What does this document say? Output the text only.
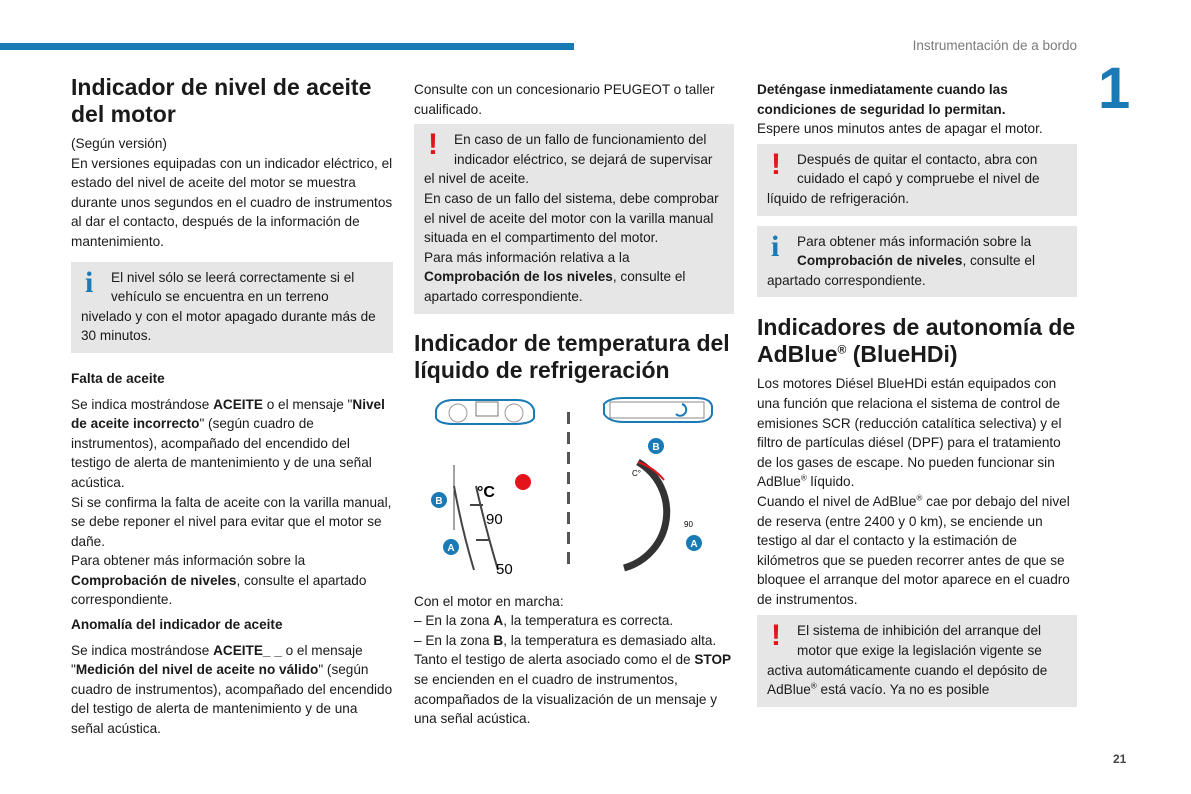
Instrumentación de a bordo
1
21
Indicador de nivel de aceite del motor

(Según versión)

En versiones equipadas con un indicador eléctrico, el estado del nivel de aceite del motor se muestra durante unos segundos en el cuadro de instrumentos al dar el contacto, después de la información de mantenimiento.

i	El nivel sólo se leerá correctamente si el vehículo se encuentra en un terreno nivelado y con el motor apagado durante más de 30 minutos.
Falta de aceite

Se indica mostrándose ACEITE o el mensaje "Nivel de aceite incorrecto" (según cuadro de instrumentos), acompañado del encendido del testigo de alerta de mantenimiento y de una señal acústica.

Si se confirma la falta de aceite con la varilla manual, se debe reponer el nivel para evitar que el motor se dañe.

Para obtener más información sobre la Comprobación de niveles, consulte el apartado correspondiente.

Anomalía del indicador de aceite

Se indica mostrándose ACEITE_ _ o el mensaje "Medición del nivel de aceite no válido" (según cuadro de instrumentos), acompañado del encendido del testigo de alerta de mantenimiento y de una señal acústica.

Consulte con un concesionario PEUGEOT o taller cualificado.

!	En caso de un fallo de funcionamiento del indicador eléctrico, se dejará de supervisar el nivel de aceite.

En caso de un fallo del sistema, debe comprobar el nivel de aceite del motor con la varilla manual situada en el compartimento del motor.

Para más información relativa a la Comprobación de los niveles, consulte el apartado correspondiente.

Indicador de temperatura del líquido de refrigeración
°C
90
50
B
A
C°
90
B
A

Con el motor en marcha:

– En la zona A, la temperatura es correcta.

– En la zona B, la temperatura es demasiado alta. Tanto el testigo de alerta asociado como el de STOP se encienden en el cuadro de instrumentos, acompañados de la visualización de un mensaje y una señal acústica.

Deténgase inmediatamente cuando las condiciones de seguridad lo permitan.

Espere unos minutos antes de apagar el motor.

!	Después de quitar el contacto, abra con cuidado el capó y compruebe el nivel de líquido de refrigeración.
i	Para obtener más información sobre la Comprobación de niveles, consulte el apartado correspondiente.
Indicadores de autonomía de AdBlue® (BlueHDi)

Los motores Diésel BlueHDi están equipados con una función que relaciona el sistema de control de emisiones SCR (reducción catalítica selectiva) y el filtro de partículas diésel (DPF) para el tratamiento de los gases de escape. No pueden funcionar sin AdBlue® líquido.

Cuando el nivel de AdBlue® cae por debajo del nivel de reserva (entre 2400 y 0 km), se enciende un testigo al dar el contacto y la estimación de kilómetros que se pueden recorrer antes de que se bloquee el arranque del motor aparece en el cuadro de instrumentos.

!	El sistema de inhibición del arranque del motor que exige la legislación vigente se activa automáticamente cuando el depósito de AdBlue® está vacío. Ya no es posible
